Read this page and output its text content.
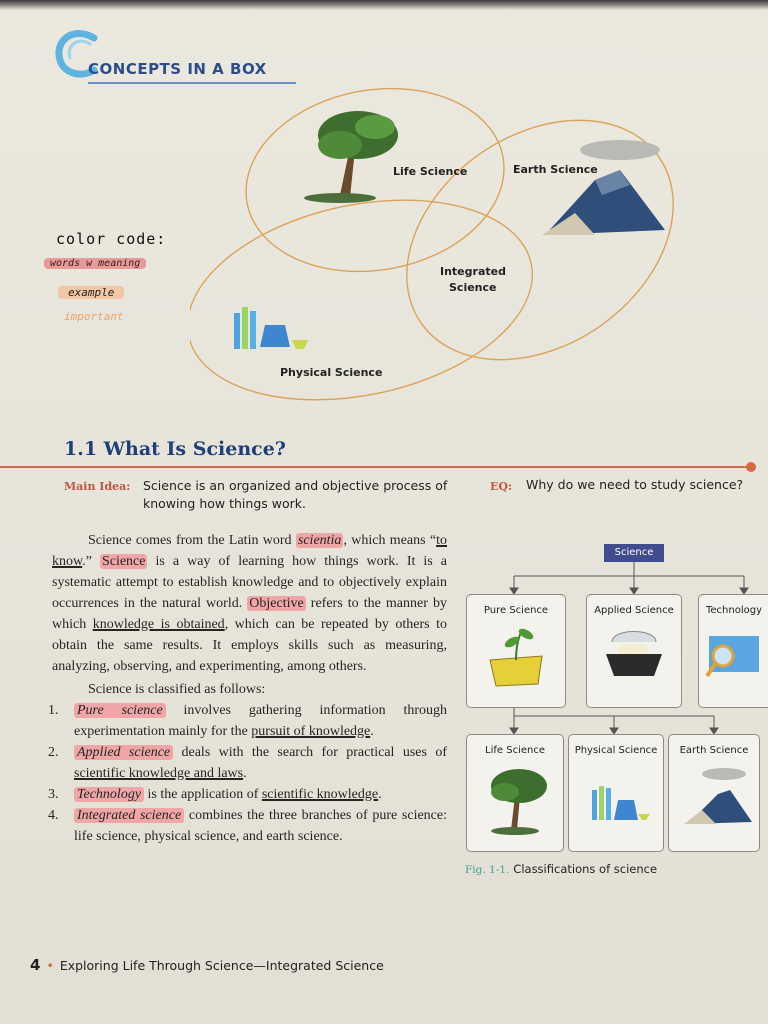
CONCEPTS IN A BOX
Life Science	Earth Science
Integrated
Science
Physical Science
color code:
words w meaning
example
important
1.1 What Is Science?
Main Idea: Science is an organized and objective process of knowing how things work.
EQ: Why do we need to study science?

Science comes from the Latin word scientia , which means “to know.” Science is a way of learning how things work. It is a systematic attempt to establish knowledge and to objectively explain occurrences in the natural world. Objective refers to the manner by which knowledge is obtained, which can be repeated by others to obtain the same results. It employs skills such as measuring, analyzing, observing, and experimenting, among others.

Science is classified as follows:

1. Pure science involves gathering information through experimentation mainly for the pursuit of knowledge.
2. Applied science deals with the search for practical uses of scientific knowledge and laws.
3. Technology is the application of scientific knowledge.
4. Integrated science combines the three branches of pure science: life science, physical science, and earth science.
Science
Pure Science	Applied Science	Technology
Life Science	Physical Science	Earth Science
Fig. 1-1. Classifications of science
4 • Exploring Life Through Science—Integrated Science
